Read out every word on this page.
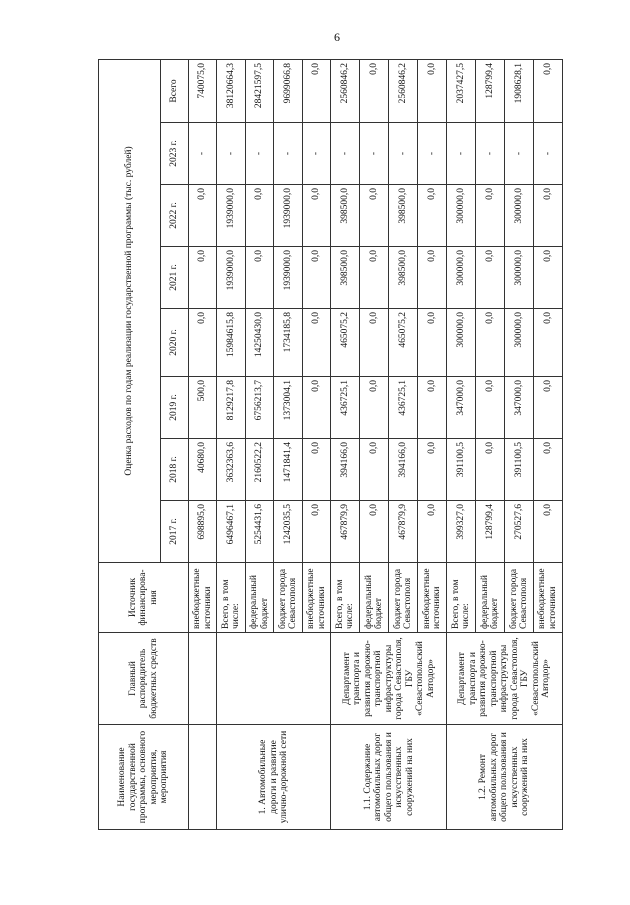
6
Наименование государственной программы, основного мероприятия, мероприятия	Главный распорядитель бюджетных средств	Источник финансирова-ния	Оценка расходов по годам реализации государственной программы (тыс. рублей)							
			2017 г.	2018 г.	2019 г.	2020 г.	2021 г.	2022 г.	2023 г.	Всего
		внебюджетные источники	698895,0	40680,0	500,0	0,0	0,0	0,0	-	740075,0
1. Автомобильные дороги и развитие улично-дорожной сети		Всего, в том числе:	6496467,1	3632363,6	8129217,8	15984615,8	1939000,0	1939000,0	-	38120664,3
		федеральный бюджет	5254431,6	2160522,2	6756213,7	14250430,0	0,0	0,0	-	28421597,5
		бюджет города Севастополя	1242035,5	1471841,4	1373004,1	1734185,8	1939000,0	1939000,0	-	9699066,8
		внебюджетные источники	0,0	0,0	0,0	0,0	0,0	0,0	-	0,0
1.1. Содержание автомобильных дорог общего пользования и искусственных сооружений на них	Департамент транспорта и развития дорожно-транспортной инфраструктуры города Севастополя, ГБУ «Севастопольский Автодор»	Всего, в том числе:	467879,9	394166,0	436725,1	465075,2	398500,0	398500,0	-	2560846,2
		федеральный бюджет	0,0	0,0	0,0	0,0	0,0	0,0	-	0,0
		бюджет города Севастополя	467879,9	394166,0	436725,1	465075,2	398500,0	398500,0	-	2560846,2
		внебюджетные источники	0,0	0,0	0,0	0,0	0,0	0,0	-	0,0
1.2. Ремонт автомобильных дорог общего пользования и искусственных сооружений на них	Департамент транспорта и развития дорожно-транспортной инфраструктуры города Севастополя, ГБУ «Севастопольский Автодор»	Всего, в том числе:	399327,0	391100,5	347000,0	300000,0	300000,0	300000,0	-	2037427,5
		федеральный бюджет	128799,4	0,0	0,0	0,0	0,0	0,0	-	128799,4
		бюджет города Севастополя	270527,6	391100,5	347000,0	300000,0	300000,0	300000,0	-	1908628,1
		внебюджетные источники	0,0	0,0	0,0	0,0	0,0	0,0	-	0,0
